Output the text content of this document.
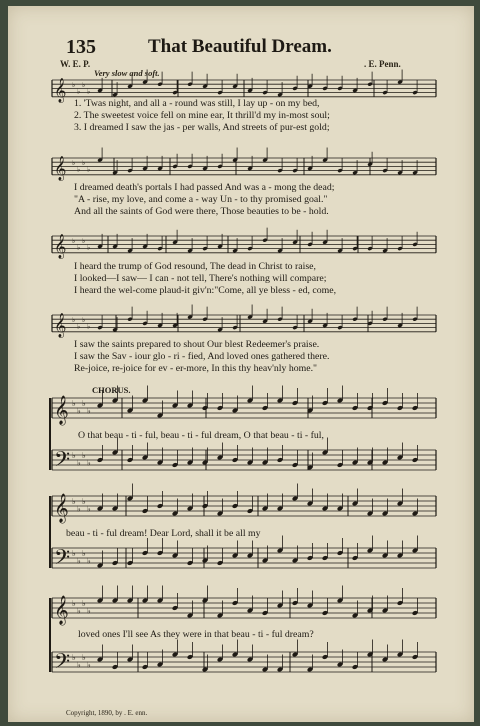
𝄞 ♭
♭
♭
♭
𝄞 ♭
♭
♭
♭
𝄞 ♭
♭
♭
♭
𝄞 ♭
♭
♭
♭
𝄞 ♭
♭
♭
♭
𝄢 ♭
♭
♭
♭
𝄞 ♭
♭
♭
♭
𝄢 ♭
♭
♭
♭
𝄞 ♭
♭
♭
♭
𝄢 ♭
♭
♭
♭
135	That Beautiful Dream.
W. E. P.	. E. Penn.
Very slow and soft.
1. 'Twas night, and all a - round was still, I lay up - on my bed,
2. The sweetest voice fell on mine ear, It thrill'd my in-most soul;
3. I dreamed I saw the jas - per walls, And streets of pur-est gold;
I dreamed death's portals I had passed And was a - mong the dead;
"A - rise, my love, and come a - way Un - to thy promised goal."
And all the saints of God were there, Those beauties to be - hold.
I heard the trump of God resound, The dead in Christ to raise,
I looked—I saw— I can - not tell, There's nothing will compare;
I heard the wel-come plaud-it giv'n:"Come, all ye bless - ed, come,
I saw the saints prepared to shout Our blest Redeemer's praise.
I saw the Sav - iour glo - ri - fied, And loved ones gathered there.
Re-joice, re-joice for ev - er-more, In this thy heav'nly home."
CHORUS.
O that beau - ti - ful, beau - ti - ful dream, O that beau - ti - ful,
beau - ti - ful dream! Dear Lord, shall it be all my
loved ones I'll see As they were in that beau - ti - ful dream?
Copyright, 1890, by . E. enn.
